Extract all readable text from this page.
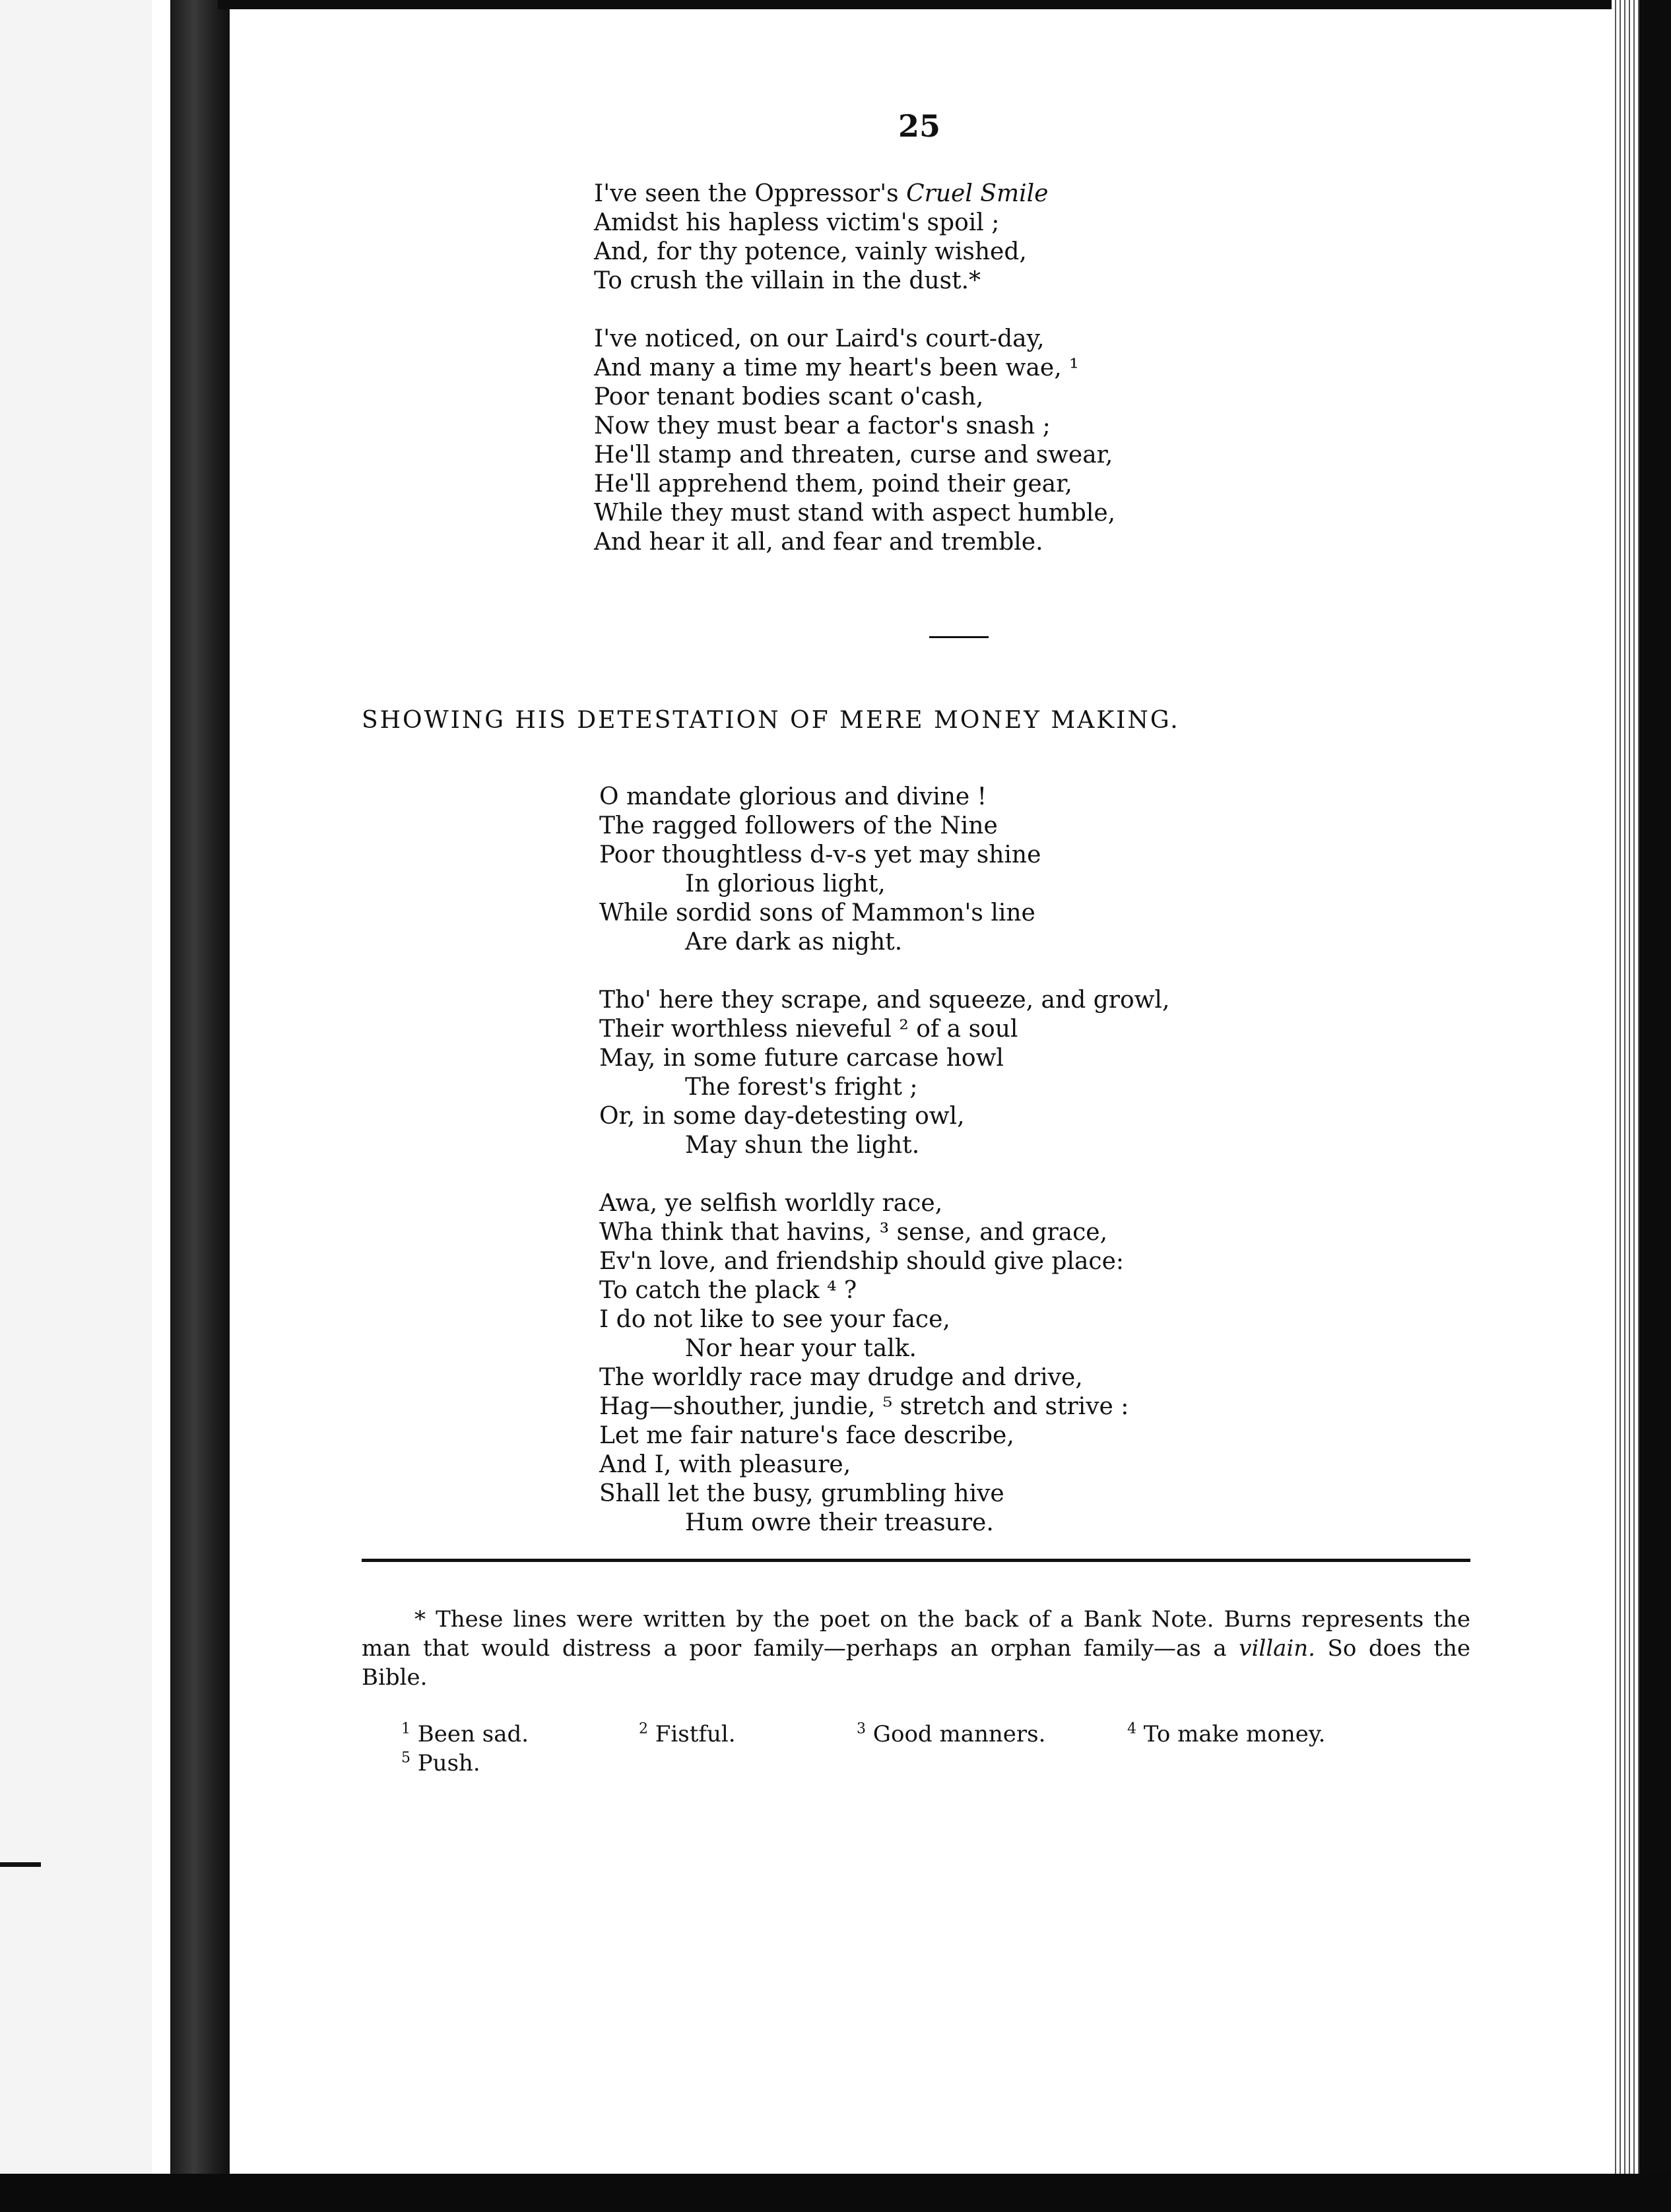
25
I've seen the Oppressor's Cruel Smile
Amidst his hapless victim's spoil ;
And, for thy potence, vainly wished,
To crush the villain in the dust.*
I've noticed, on our Laird's court-day,
And many a time my heart's been wae, ¹
Poor tenant bodies scant o'cash,
Now they must bear a factor's snash ;
He'll stamp and threaten, curse and swear,
He'll apprehend them, poind their gear,
While they must stand with aspect humble,
And hear it all, and fear and tremble.
SHOWING HIS DETESTATION OF MERE MONEY MAKING.
O mandate glorious and divine !
The ragged followers of the Nine
Poor thoughtless d-v-s yet may shine
In glorious light,
While sordid sons of Mammon's line
Are dark as night.
Tho' here they scrape, and squeeze, and growl,
Their worthless nieveful ² of a soul
May, in some future carcase howl
The forest's fright ;
Or, in some day-detesting owl,
May shun the light.
Awa, ye selfish worldly race,
Wha think that havins, ³ sense, and grace,
Ev'n love, and friendship should give place:
To catch the plack ⁴ ?
I do not like to see your face,
Nor hear your talk.
The worldly race may drudge and drive,
Hag—shouther, jundie, ⁵ stretch and strive :
Let me fair nature's face describe,
And I, with pleasure,
Shall let the busy, grumbling hive
Hum owre their treasure.
* These lines were written by the poet on the back of a Bank Note. Burns represents the man that would distress a poor family—perhaps an orphan family—as a villain. So does the Bible.
$^1$ Been sad.	$^2$ Fistful.	$^3$ Good manners.	$^4$ To make money.
$^5$ Push.
